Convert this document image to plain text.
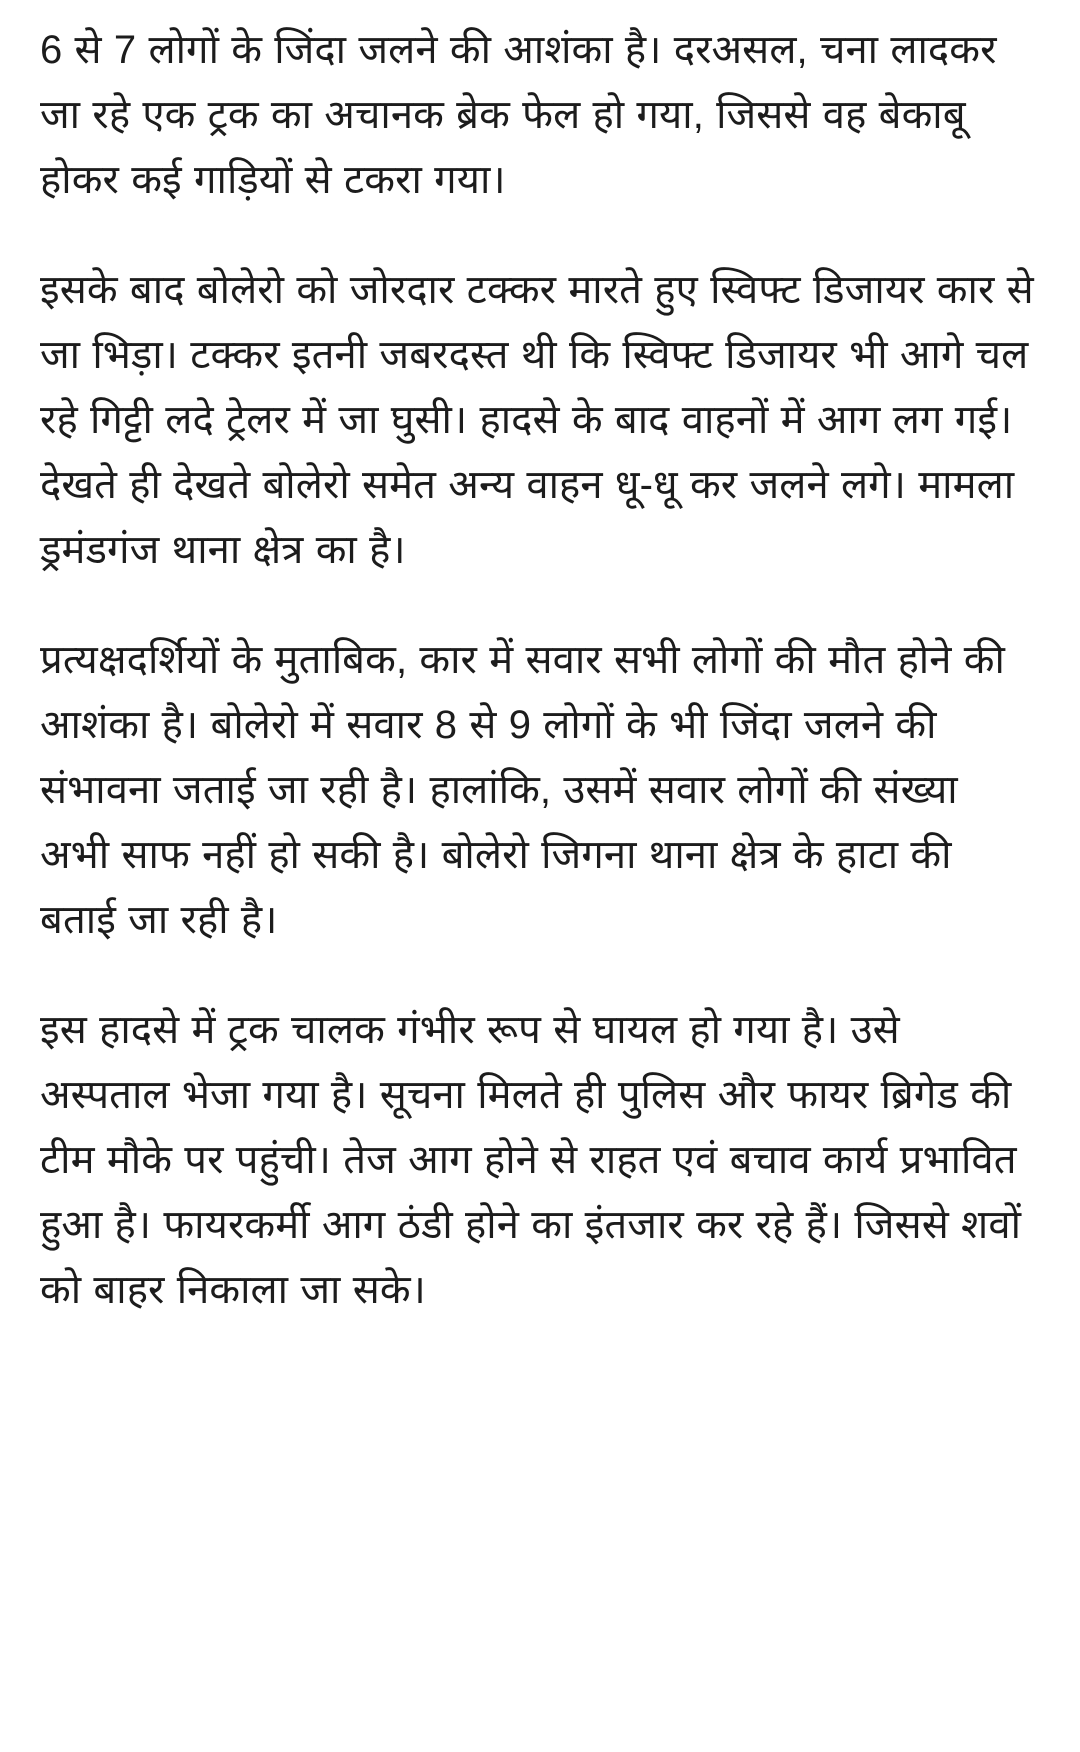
6 से 7 लोगों के जिंदा जलने की आशंका है। दरअसल, चना लादकर जा रहे एक ट्रक का अचानक ब्रेक फेल हो गया, जिससे वह बेकाबू होकर कई गाड़ियों से टकरा गया।

इसके बाद बोलेरो को जोरदार टक्कर मारते हुए स्विफ्ट डिजायर कार से जा भिड़ा। टक्कर इतनी जबरदस्त थी कि स्विफ्ट डिजायर भी आगे चल रहे गिट्टी लदे ट्रेलर में जा घुसी। हादसे के बाद वाहनों में आग लग गई। देखते ही देखते बोलेरो समेत अन्य वाहन धू-धू कर जलने लगे। मामला ड्रमंडगंज थाना क्षेत्र का है।

प्रत्यक्षदर्शियों के मुताबिक, कार में सवार सभी लोगों की मौत होने की आशंका है। बोलेरो में सवार 8 से 9 लोगों के भी जिंदा जलने की संभावना जताई जा रही है। हालांकि, उसमें सवार लोगों की संख्या अभी साफ नहीं हो सकी है। बोलेरो जिगना थाना क्षेत्र के हाटा की बताई जा रही है।

इस हादसे में ट्रक चालक गंभीर रूप से घायल हो गया है। उसे अस्पताल भेजा गया है। सूचना मिलते ही पुलिस और फायर ब्रिगेड की टीम मौके पर पहुंची। तेज आग होने से राहत एवं बचाव कार्य प्रभावित हुआ है। फायरकर्मी आग ठंडी होने का इंतजार कर रहे हैं। जिससे शवों को बाहर निकाला जा सके।
